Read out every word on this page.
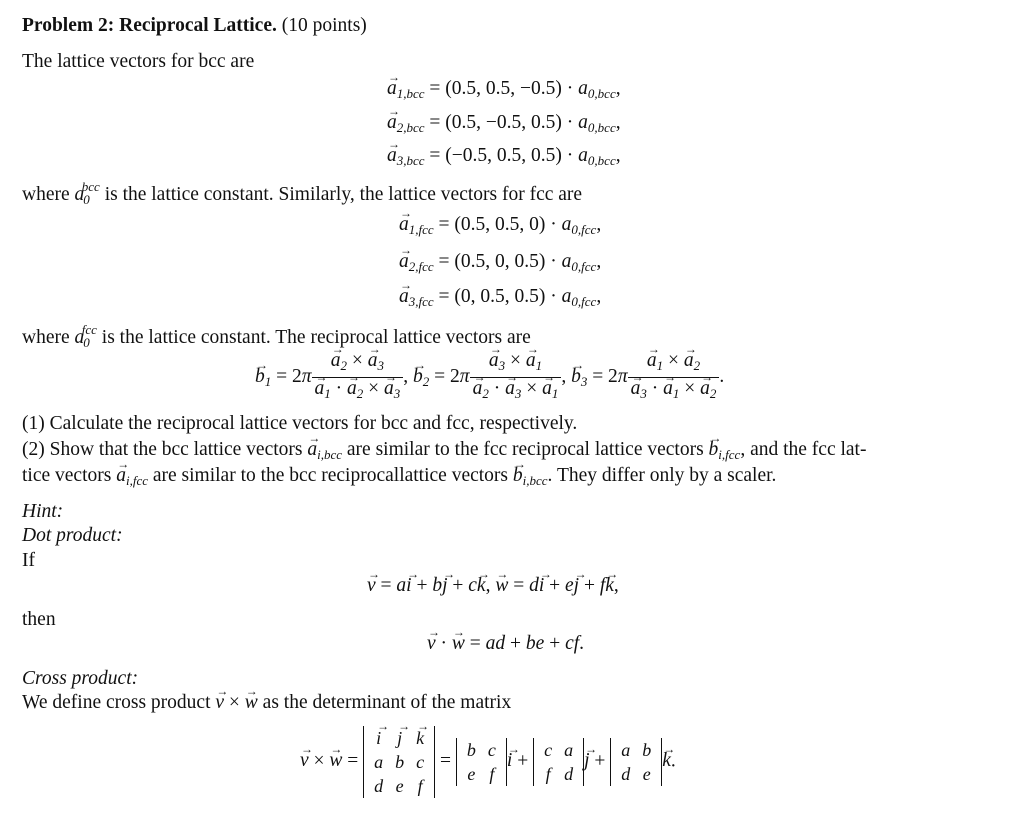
Problem 2: Reciprocal Lattice. (10 points)
The lattice vectors for bcc are
$a \to_{1,bcc} = (0.5$, 0.5, $-0.5) \cdot a_{0,bcc}$,
$a \to_{2,bcc} = (0.5$, −0.5, $0.5) \cdot a_{0,bcc}$,
$a \to_{3,bcc} = (-0.5$, 0.5, $0.5) \cdot a_{0,bcc}$,
where $a_0^{bcc}$ is the lattice constant. Similarly, the lattice vectors for fcc are
$a \to_{1,fcc} = (0.5$, 0.5, $0) \cdot a_{0,fcc}$,
$a \to_{2,fcc} = (0.5$, 0, $0.5) \cdot a_{0,fcc}$,
$a \to_{3,fcc} = (0$, 0.5, $0.5) \cdot a_{0,fcc}$,
where $a_0^{fcc}$ is the lattice constant. The reciprocal lattice vectors are
$b \to_1 = 2\pi \frac{a \to_2 \times a \to_3}{a \to_1 \cdot a \to_2 \times a \to_3}$ , $b \to_2 = 2\pi \frac{a \to_3 \times a \to_1}{a \to_2 \cdot a \to_3 \times a \to_1}$ , $b \to_3 = 2\pi \frac{a \to_1 \times a \to_2}{a \to_3 \cdot a \to_1 \times a \to_2}$ .
(1) Calculate the reciprocal lattice vectors for bcc and fcc, respectively.
(2) Show that the bcc lattice vectors $a \to_{i,bcc}$ are similar to the fcc reciprocal lattice vectors $b \to_{i,fcc}$, and the fcc lat-
tice vectors $a \to_{i,fcc}$ are similar to the bcc reciprocallattice vectors $b \to_{i,bcc}$. They differ only by a scaler.
Hint:
Dot product:
If
v → = ai → + bj → + ck →, w → = di → + ej → + fk →,
then
v → · w → = ad + be + cf.
Cross product:
We define cross product v → × w → as the determinant of the matrix
v → × w → =
i →	j →	k →
a	b	c
d	e	f
=
b	c
e	f
i → +
c	a
f	d
j → +
a	b
d	e
k →.
